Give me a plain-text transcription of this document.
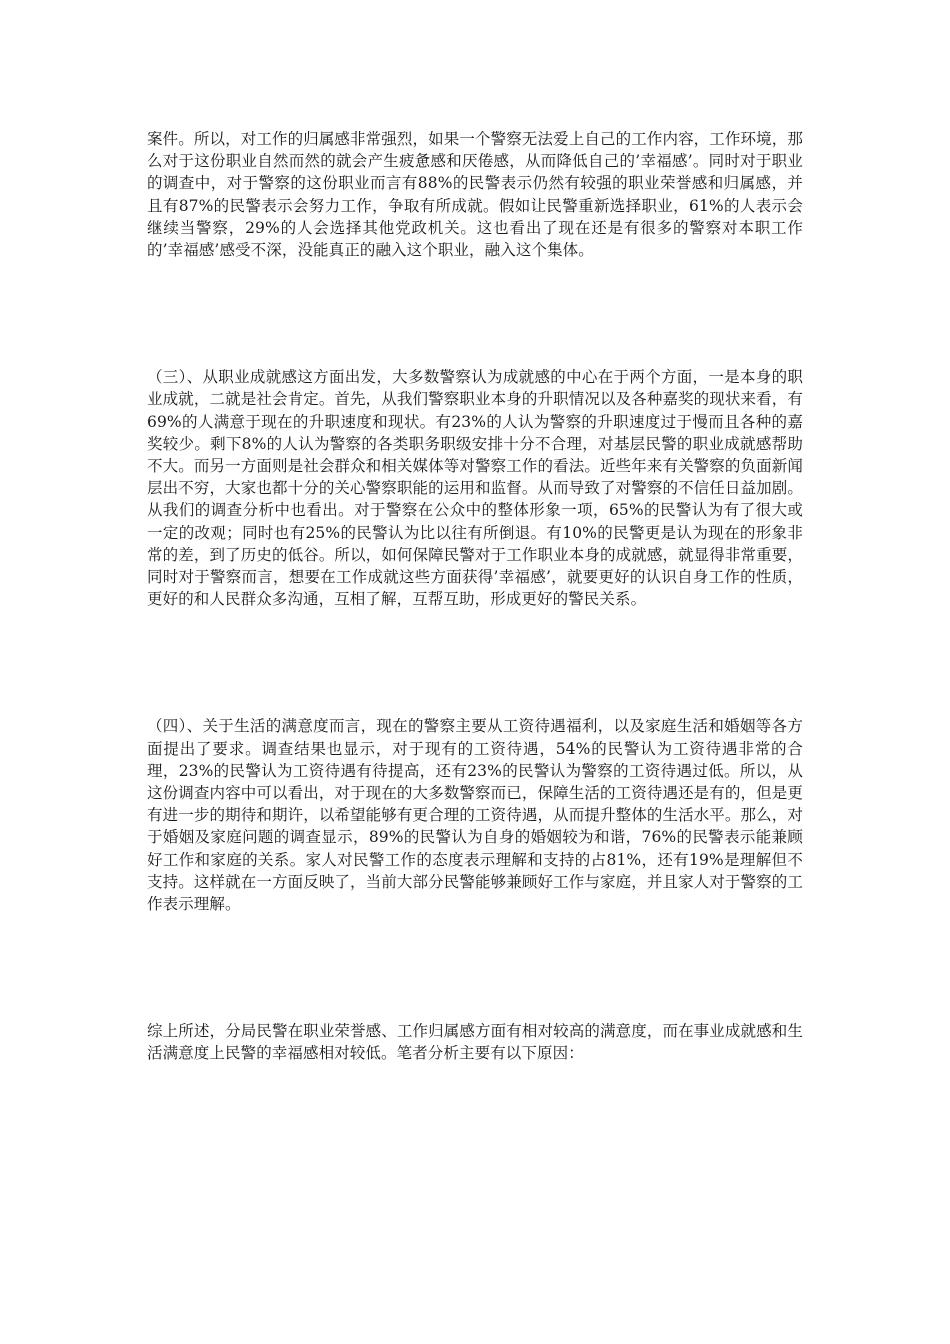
案件。所以，对工作的归属感非常强烈，如果一个警察无法爱上自己的工作内容，工作环境，那么对于这份职业自然而然的就会产生疲惫感和厌倦感，从而降低自己的’幸福感’。同时对于职业的调查中，对于警察的这份职业而言有88%的民警表示仍然有较强的职业荣誉感和归属感，并且有87%的民警表示会努力工作，争取有所成就。假如让民警重新选择职业，61%的人表示会继续当警察，29%的人会选择其他党政机关。这也看出了现在还是有很多的警察对本职工作的’幸福感’感受不深，没能真正的融入这个职业，融入这个集体。

（三）、从职业成就感这方面出发，大多数警察认为成就感的中心在于两个方面，一是本身的职业成就，二就是社会肯定。首先，从我们警察职业本身的升职情况以及各种嘉奖的现状来看，有69%的人满意于现在的升职速度和现状。有23%的人认为警察的升职速度过于慢而且各种的嘉奖较少。剩下8%的人认为警察的各类职务职级安排十分不合理，对基层民警的职业成就感帮助不大。而另一方面则是社会群众和相关媒体等对警察工作的看法。近些年来有关警察的负面新闻层出不穷，大家也都十分的关心警察职能的运用和监督。从而导致了对警察的不信任日益加剧。从我们的调查分析中也看出。对于警察在公众中的整体形象一项，65%的民警认为有了很大或一定的改观；同时也有25%的民警认为比以往有所倒退。有10%的民警更是认为现在的形象非常的差，到了历史的低谷。所以，如何保障民警对于工作职业本身的成就感，就显得非常重要，同时对于警察而言，想要在工作成就这些方面获得’幸福感’，就要更好的认识自身工作的性质，更好的和人民群众多沟通，互相了解，互帮互助，形成更好的警民关系。

（四）、关于生活的满意度而言，现在的警察主要从工资待遇福利，以及家庭生活和婚姻等各方面提出了要求。调查结果也显示，对于现有的工资待遇，54%的民警认为工资待遇非常的合理，23%的民警认为工资待遇有待提高，还有23%的民警认为警察的工资待遇过低。所以，从这份调查内容中可以看出，对于现在的大多数警察而已，保障生活的工资待遇还是有的，但是更有进一步的期待和期许，以希望能够有更合理的工资待遇，从而提升整体的生活水平。那么，对于婚姻及家庭问题的调查显示，89%的民警认为自身的婚姻较为和谐，76%的民警表示能兼顾好工作和家庭的关系。家人对民警工作的态度表示理解和支持的占81%，还有19%是理解但不支持。这样就在一方面反映了，当前大部分民警能够兼顾好工作与家庭，并且家人对于警察的工作表示理解。

综上所述，分局民警在职业荣誉感、工作归属感方面有相对较高的满意度，而在事业成就感和生活满意度上民警的幸福感相对较低。笔者分析主要有以下原因：
